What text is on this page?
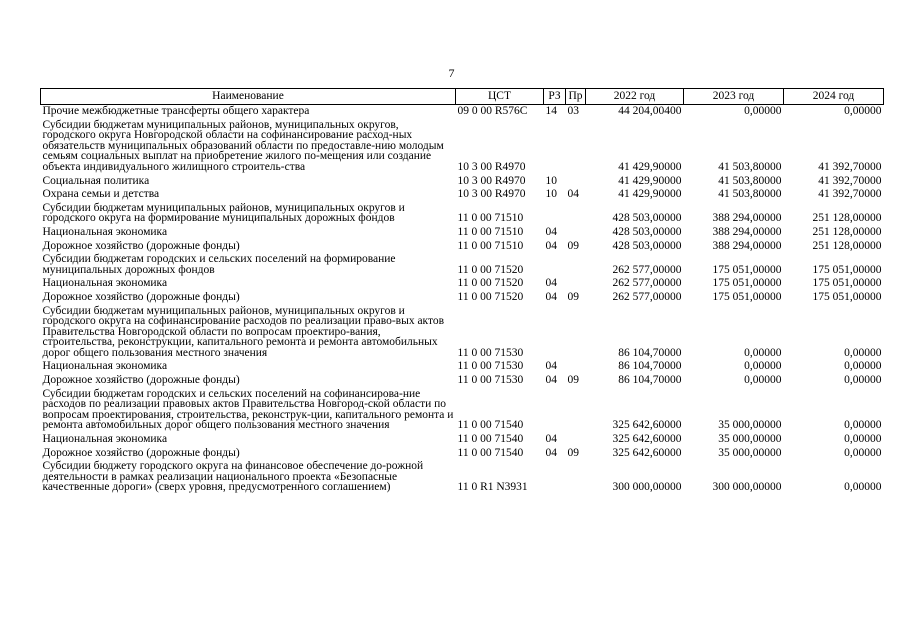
7
Наименование	ЦСТ	РЗ	Пр	2022 год	2023 год	2024 год
Прочие межбюджетные трансферты общего характера	09 0 00 R576C	14	03	44 204,00400	0,00000	0,00000
Субсидии бюджетам муниципальных районов, муниципальных округов, городского округа Новгородской области на софинансирование расход-ных обязательств муниципальных образований области по предоставле-нию молодым семьям социальных выплат на приобретение жилого по-мещения или создание объекта индивидуального жилищного строитель-ства	10 3 00 R4970			41 429,90000	41 503,80000	41 392,70000
Социальная политика	10 3 00 R4970	10		41 429,90000	41 503,80000	41 392,70000
Охрана семьи и детства	10 3 00 R4970	10	04	41 429,90000	41 503,80000	41 392,70000
Субсидии бюджетам муниципальных районов, муниципальных округов и городского округа на формирование муниципальных дорожных фондов	11 0 00 71510			428 503,00000	388 294,00000	251 128,00000
Национальная экономика	11 0 00 71510	04		428 503,00000	388 294,00000	251 128,00000
Дорожное хозяйство (дорожные фонды)	11 0 00 71510	04	09	428 503,00000	388 294,00000	251 128,00000
Субсидии бюджетам городских и сельских поселений на формирование муниципальных дорожных фондов	11 0 00 71520			262 577,00000	175 051,00000	175 051,00000
Национальная экономика	11 0 00 71520	04		262 577,00000	175 051,00000	175 051,00000
Дорожное хозяйство (дорожные фонды)	11 0 00 71520	04	09	262 577,00000	175 051,00000	175 051,00000
Субсидии бюджетам муниципальных районов, муниципальных округов и городского округа на софинансирование расходов по реализации право-вых актов Правительства Новгородской области по вопросам проектиро-вания, строительства, реконструкции, капитального ремонта и ремонта автомобильных дорог общего пользования местного значения	11 0 00 71530			86 104,70000	0,00000	0,00000
Национальная экономика	11 0 00 71530	04		86 104,70000	0,00000	0,00000
Дорожное хозяйство (дорожные фонды)	11 0 00 71530	04	09	86 104,70000	0,00000	0,00000
Субсидии бюджетам городских и сельских поселений на софинансирова-ние расходов по реализации правовых актов Правительства Новгород-ской области по вопросам проектирования, строительства, реконструк-ции, капитального ремонта и ремонта автомобильных дорог общего пользования местного значения	11 0 00 71540			325 642,60000	35 000,00000	0,00000
Национальная экономика	11 0 00 71540	04		325 642,60000	35 000,00000	0,00000
Дорожное хозяйство (дорожные фонды)	11 0 00 71540	04	09	325 642,60000	35 000,00000	0,00000
Субсидии бюджету городского округа на финансовое обеспечение до-рожной деятельности в рамках реализации национального проекта «Безопасные качественные дороги» (сверх уровня, предусмотренного соглашением)	11 0 R1 N3931			300 000,00000	300 000,00000	0,00000
